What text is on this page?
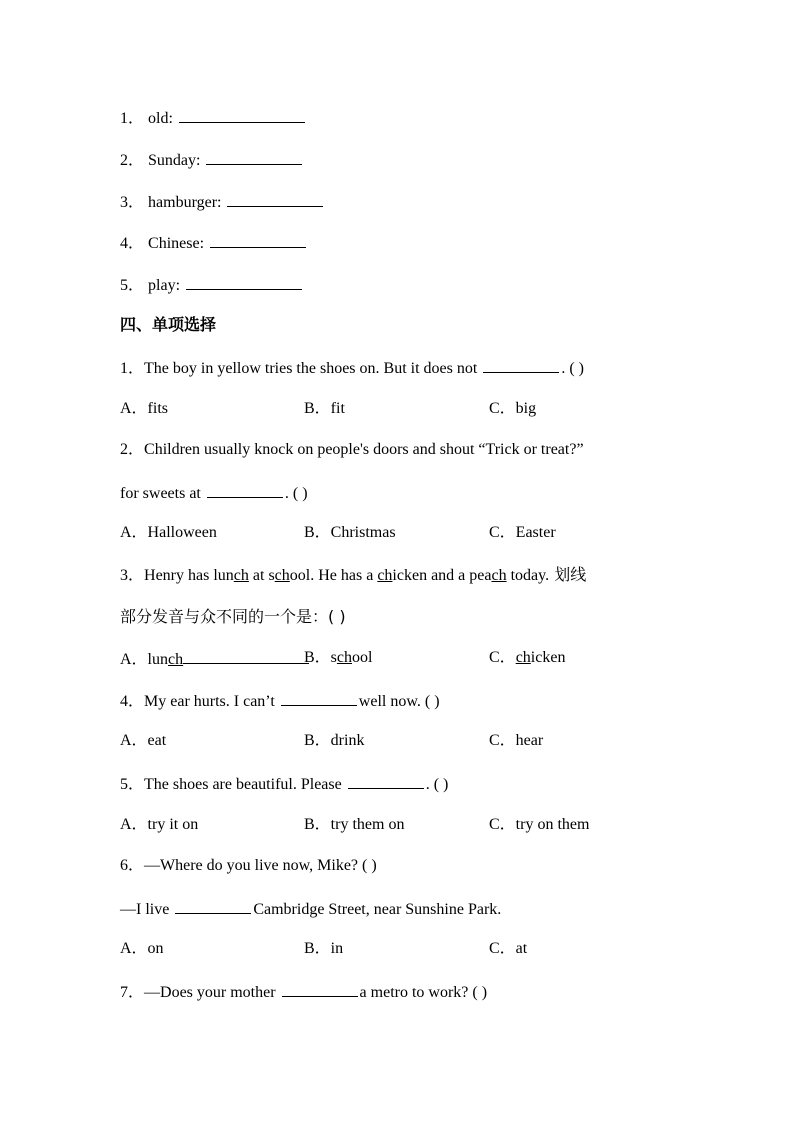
1． old:
2． Sunday:
3． hamburger:
4． Chinese:
5． play:
四、单项选择
1．The boy in yellow tries the shoes on. But it does not	. ( )
A．fits	B．fit	C．big
2．Children usually knock on people's doors and shout “Trick or treat?”
for sweets at	. ( )
A．Halloween	B．Christmas	C．Easter
3．Henry has lunch at school. He has a chicken and a peach today. 划线
部分发音与众不同的一个是：( )
A．lunch	B．school	C．chicken
4．My ear hurts. I can’t	well now. ( )
A．eat	B．drink	C．hear
5．The shoes are beautiful. Please	. ( )
A．try it on	B．try them on	C．try on them
6．—Where do you live now, Mike? ( )
—I live	Cambridge Street, near Sunshine Park.
A．on	B．in	C．at
7．—Does your mother	a metro to work? ( )
